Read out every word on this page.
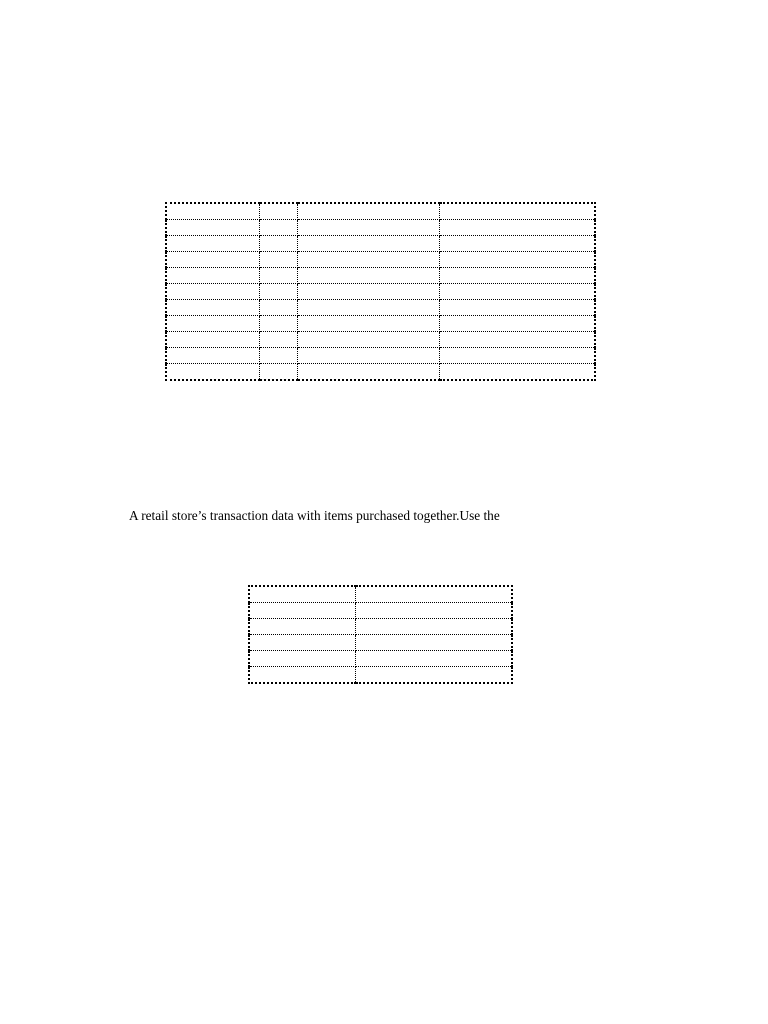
A retail store’s transaction data with items purchased together.Use the
